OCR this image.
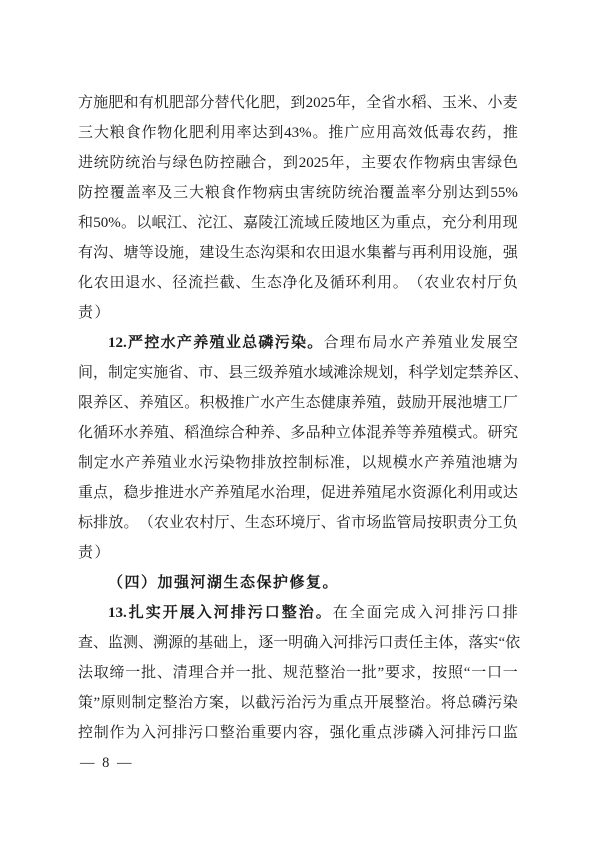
方 施 肥 和 有 机 肥 部 分 替 代 化 肥 ， 到 2025 年 ， 全 省 水 稻 、 玉 米 、 小 麦
三 大 粮 食 作 物 化 肥 利 用 率 达 到 43% 。 推 广 应 用 高 效 低 毒 农 药 ， 推
进 统 防 统 治 与 绿 色 防 控 融 合 ， 到 2025 年 ， 主 要 农 作 物 病 虫 害 绿 色
防 控 覆 盖 率 及 三 大 粮 食 作 物 病 虫 害 统 防 统 治 覆 盖 率 分 别 达 到 55%
和 50% 。 以 岷 江 、 沱 江 、 嘉 陵 江 流 域 丘 陵 地 区 为 重 点 ， 充 分 利 用 现
有 沟 、 塘 等 设 施 ， 建 设 生 态 沟 渠 和 农 田 退 水 集 蓄 与 再 利 用 设 施 ， 强
化 农 田 退 水 、 径 流 拦 截 、 生 态 净 化 及 循 环 利 用 。 （ 农 业 农 村 厅 负
责）
12. 严 控 水 产 养 殖 业 总 磷 污 染 。 合 理 布 局 水 产 养 殖 业 发 展 空
间 ， 制 定 实 施 省 、 市 、 县 三 级 养 殖 水 域 滩 涂 规 划 ， 科 学 划 定 禁 养 区 、
限 养 区 、 养 殖 区 。 积 极 推 广 水 产 生 态 健 康 养 殖 ， 鼓 励 开 展 池 塘 工 厂
化 循 环 水 养 殖 、 稻 渔 综 合 种 养 、 多 品 种 立 体 混 养 等 养 殖 模 式 。 研 究
制 定 水 产 养 殖 业 水 污 染 物 排 放 控 制 标 准 ， 以 规 模 水 产 养 殖 池 塘 为
重 点 ， 稳 步 推 进 水 产 养 殖 尾 水 治 理 ， 促 进 养 殖 尾 水 资 源 化 利 用 或 达
标 排 放 。 （ 农 业 农 村 厅 、 生 态 环 境 厅 、 省 市 场 监 管 局 按 职 责 分 工 负
责）
（四）加强河湖生态保护修复。
13. 扎 实 开 展 入 河 排 污 口 整 治 。 在 全 面 完 成 入 河 排 污 口 排
查 、 监 测 、 溯 源 的 基 础 上 ， 逐 一 明 确 入 河 排 污 口 责 任 主 体 ， 落 实 “ 依
法 取 缔 一 批 、 清 理 合 并 一 批 、 规 范 整 治 一 批 ” 要 求 ， 按 照 “ 一 口 一
策 ” 原 则 制 定 整 治 方 案 ， 以 截 污 治 污 为 重 点 开 展 整 治 。 将 总 磷 污 染
控 制 作 为 入 河 排 污 口 整 治 重 要 内 容 ， 强 化 重 点 涉 磷 入 河 排 污 口 监
— 8 —
